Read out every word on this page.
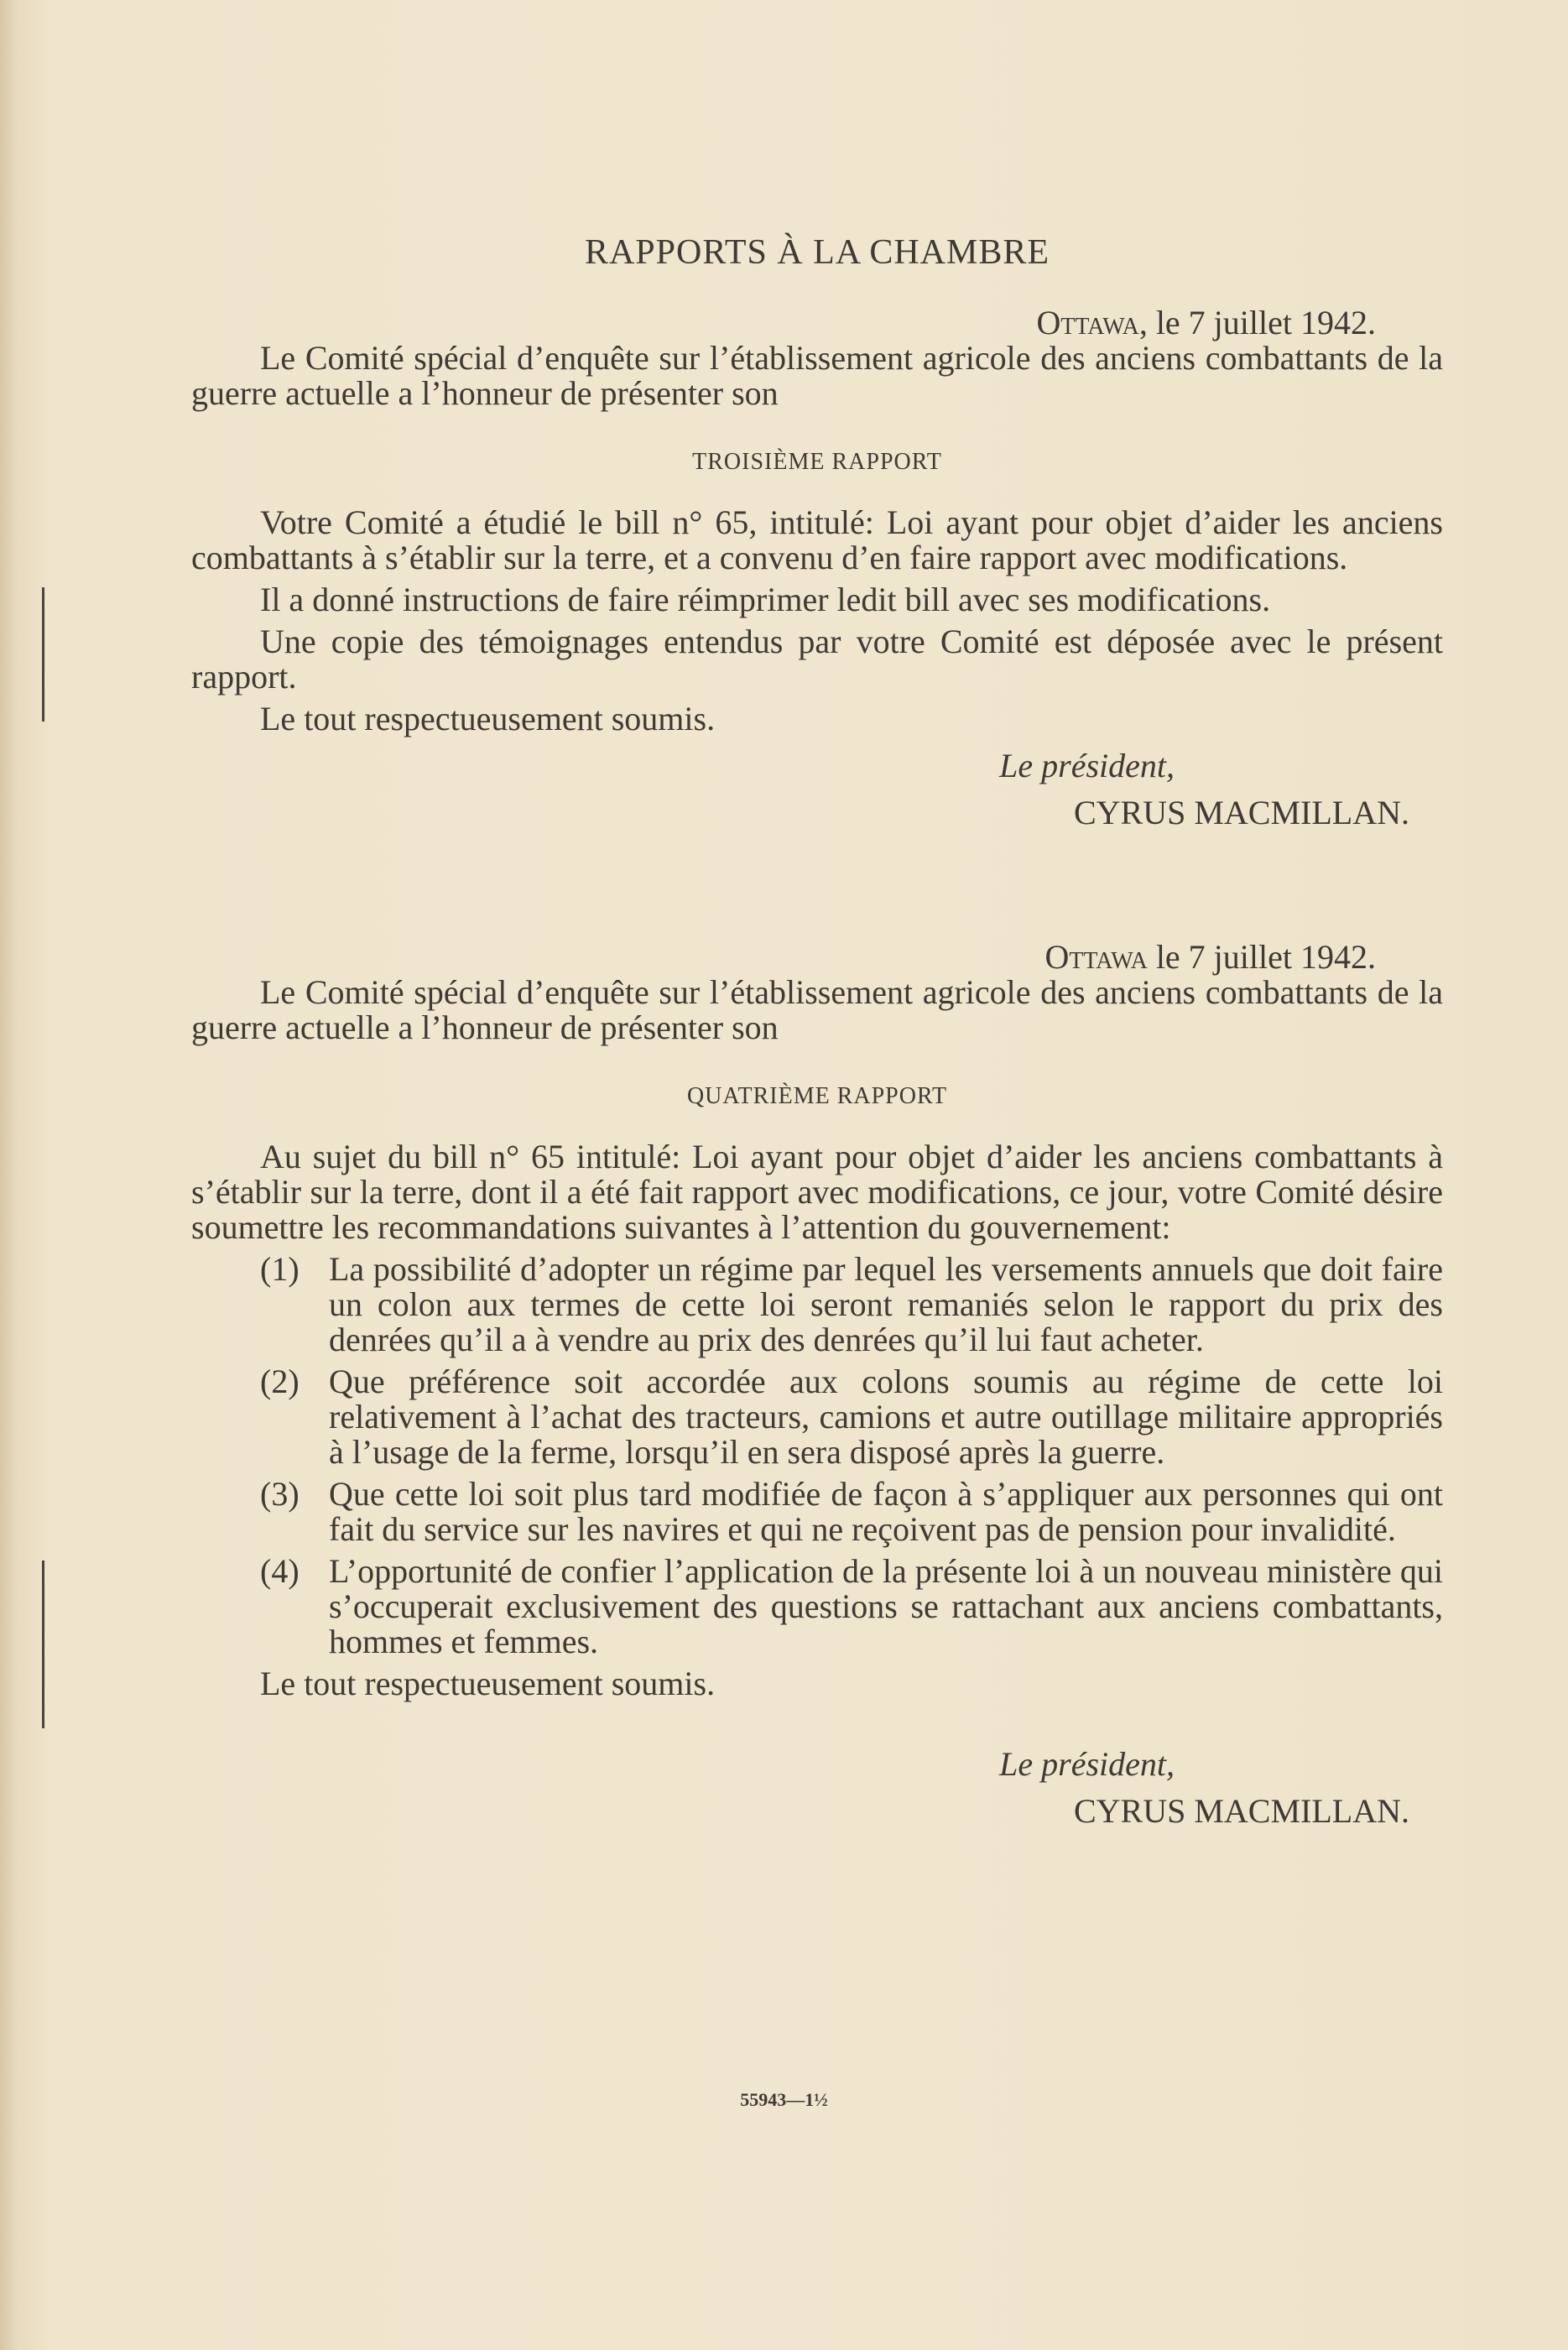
RAPPORTS À LA CHAMBRE

Ottawa, le 7 juillet 1942.

Le Comité spécial d’enquête sur l’établissement agricole des anciens combattants de la guerre actuelle a l’honneur de présenter son

TROISIÈME RAPPORT

Votre Comité a étudié le bill n° 65, intitulé: Loi ayant pour objet d’aider les anciens combattants à s’établir sur la terre, et a convenu d’en faire rapport avec modifications.

Il a donné instructions de faire réimprimer ledit bill avec ses modifications.

Une copie des témoignages entendus par votre Comité est déposée avec le présent rapport.

Le tout respectueusement soumis.

Le président,

CYRUS MACMILLAN.

Ottawa le 7 juillet 1942.

Le Comité spécial d’enquête sur l’établissement agricole des anciens combattants de la guerre actuelle a l’honneur de présenter son

QUATRIÈME RAPPORT

Au sujet du bill n° 65 intitulé: Loi ayant pour objet d’aider les anciens combattants à s’établir sur la terre, dont il a été fait rapport avec modifications, ce jour, votre Comité désire soumettre les recommandations suivantes à l’attention du gouvernement:

(1) La possibilité d’adopter un régime par lequel les versements annuels que doit faire un colon aux termes de cette loi seront remaniés selon le rapport du prix des denrées qu’il a à vendre au prix des denrées qu’il lui faut acheter.
(2) Que préférence soit accordée aux colons soumis au régime de cette loi relativement à l’achat des tracteurs, camions et autre outillage militaire appropriés à l’usage de la ferme, lorsqu’il en sera disposé après la guerre.
(3) Que cette loi soit plus tard modifiée de façon à s’appliquer aux personnes qui ont fait du service sur les navires et qui ne reçoivent pas de pension pour invalidité.
(4) L’opportunité de confier l’application de la présente loi à un nouveau ministère qui s’occuperait exclusivement des questions se rattachant aux anciens combattants, hommes et femmes.

Le tout respectueusement soumis.

Le président,

CYRUS MACMILLAN.

55943—1½
